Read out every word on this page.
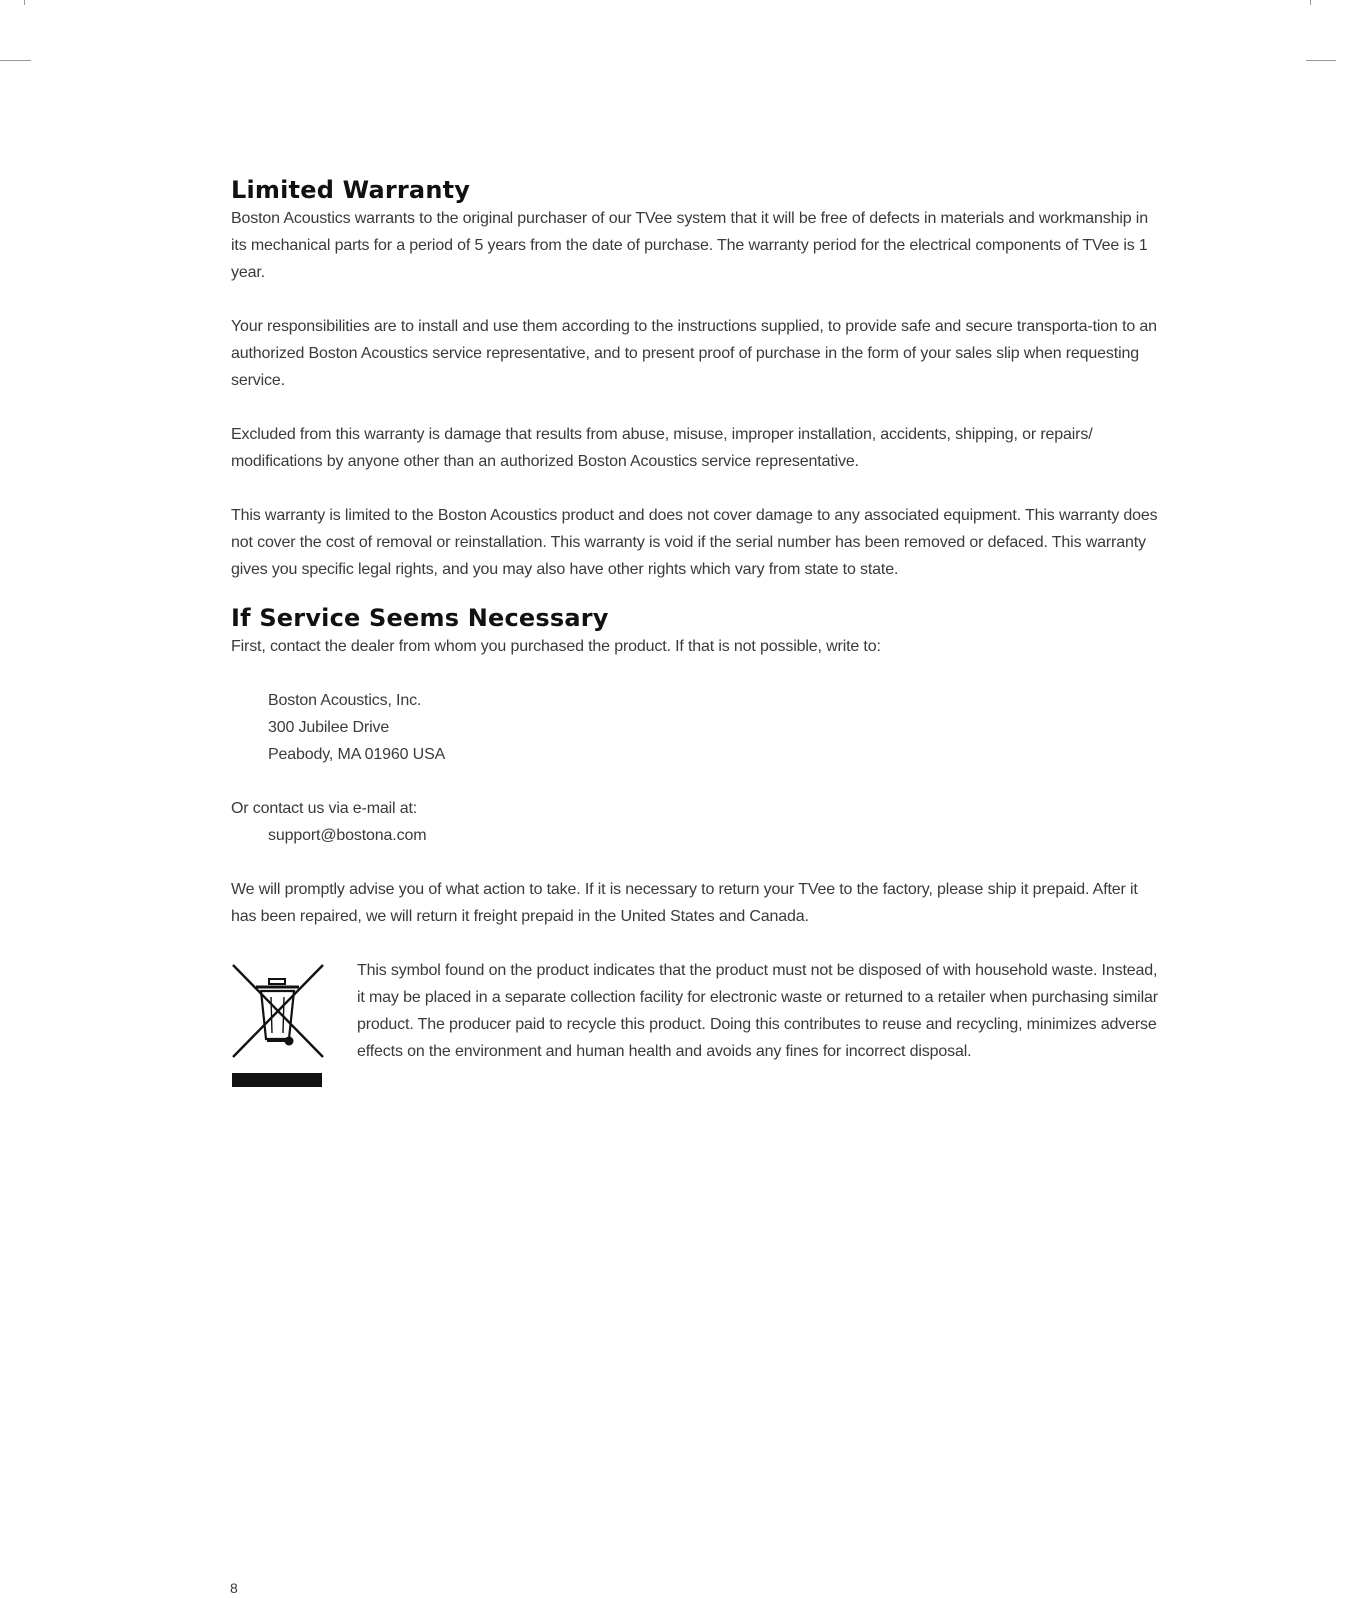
Limited Warranty

Boston Acoustics warrants to the original purchaser of our TVee system that it will be free of defects in materials and workmanship in its mechanical parts for a period of 5 years from the date of purchase. The warranty period for the electrical components of TVee is 1 year.

Your responsibilities are to install and use them according to the instructions supplied, to provide safe and secure transporta-tion to an authorized Boston Acoustics service representative, and to present proof of purchase in the form of your sales slip when requesting service.

Excluded from this warranty is damage that results from abuse, misuse, improper installation, accidents, shipping, or repairs/ modifications by anyone other than an authorized Boston Acoustics service representative.

This warranty is limited to the Boston Acoustics product and does not cover damage to any associated equipment. This warranty does not cover the cost of removal or reinstallation. This warranty is void if the serial number has been removed or defaced. This warranty gives you specific legal rights, and you may also have other rights which vary from state to state.

If Service Seems Necessary

First, contact the dealer from whom you purchased the product. If that is not possible, write to:

Boston Acoustics, Inc.

300 Jubilee Drive

Peabody, MA 01960 USA

Or contact us via e-mail at:

support@bostona.com

We will promptly advise you of what action to take. If it is necessary to return your TVee to the factory, please ship it prepaid. After it has been repaired, we will return it freight prepaid in the United States and Canada.

This symbol found on the product indicates that the product must not be disposed of with household waste. Instead, it may be placed in a separate collection facility for electronic waste or returned to a retailer when purchasing similar product. The producer paid to recycle this product. Doing this contributes to reuse and recycling, minimizes adverse effects on the environment and human health and avoids any fines for incorrect disposal.

8
